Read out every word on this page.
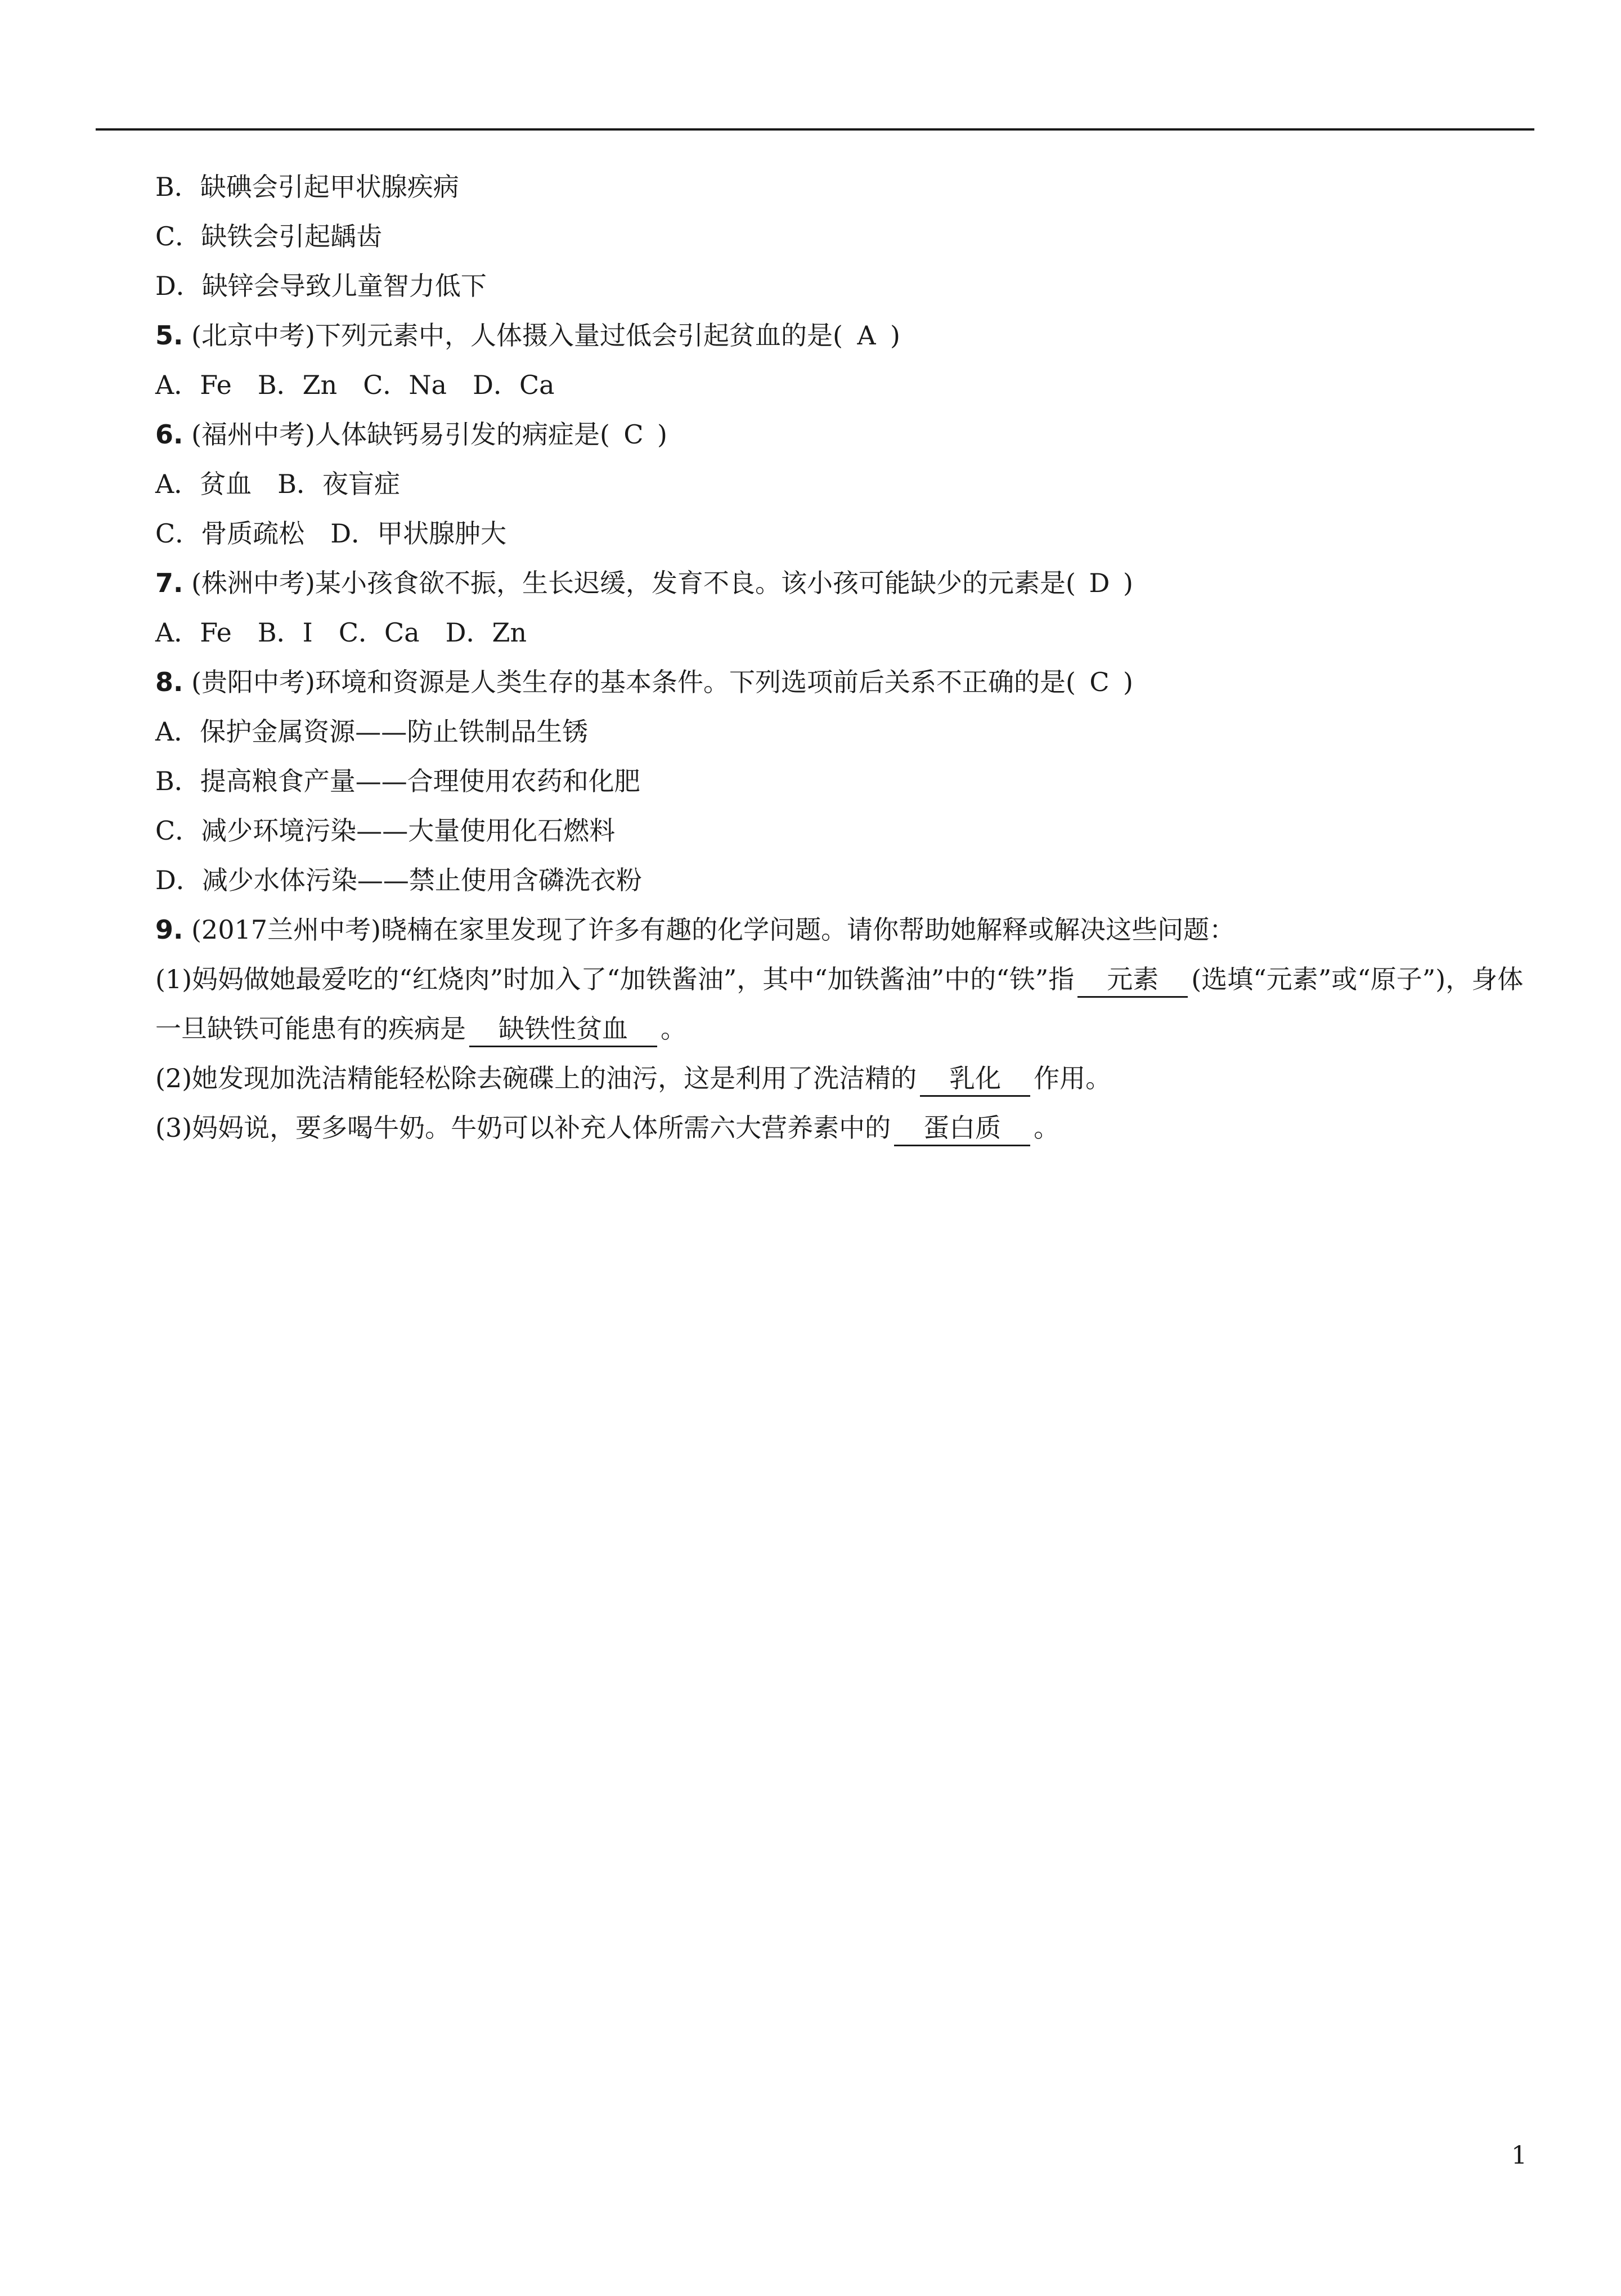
B．缺碘会引起甲状腺疾病
C．缺铁会引起龋齿
D．缺锌会导致儿童智力低下
5. (北京中考)下列元素中，人体摄入量过低会引起贫血的是( A )
A．Fe　B．Zn　C．Na　D．Ca
6. (福州中考)人体缺钙易引发的病症是( C )
A．贫血　B．夜盲症
C．骨质疏松　D．甲状腺肿大
7. (株洲中考)某小孩食欲不振，生长迟缓，发育不良。该小孩可能缺少的元素是( D )
A．Fe　B．I　C．Ca　D．Zn
8. (贵阳中考)环境和资源是人类生存的基本条件。下列选项前后关系不正确的是( C )
A．保护金属资源——防止铁制品生锈
B．提高粮食产量——合理使用农药和化肥
C．减少环境污染——大量使用化石燃料
D．减少水体污染——禁止使用含磷洗衣粉
9. (2017兰州中考)晓楠在家里发现了许多有趣的化学问题。请你帮助她解释或解决这些问题：
(1)妈妈做她最爱吃的“红烧肉”时加入了“加铁酱油”，其中“加铁酱油”中的“铁”指 元素 (选填“元素”或“原子”)，身体一旦缺铁可能患有的疾病是 缺铁性贫血 。
(2)她发现加洗洁精能轻松除去碗碟上的油污，这是利用了洗洁精的 乳化 作用。
(3)妈妈说，要多喝牛奶。牛奶可以补充人体所需六大营养素中的 蛋白质 。
1
